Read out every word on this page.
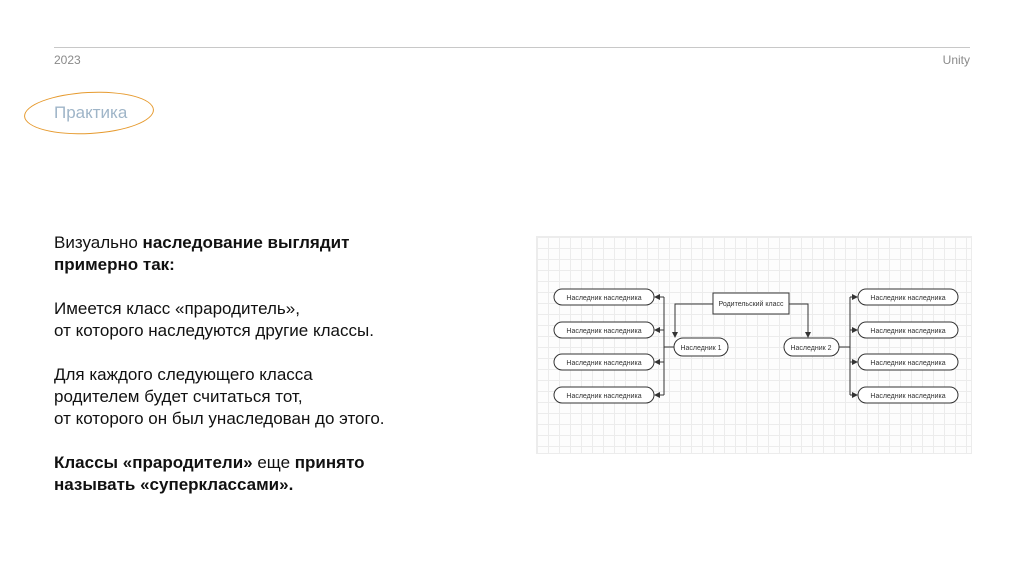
2023	Unity
Практика

Визуально наследование выглядит
примерно так:

Имеется класс «прародитель»,
от которого наследуются другие классы.

Для каждого следующего класса
родителем будет считаться тот,
от которого он был унаследован до этого.

Классы «прародители» еще принято
называть «суперклассами».

Родительский класс
Наследник 1	Наследник 2
Наследник наследника
Наследник наследника
Наследник наследника
Наследник наследника
Наследник наследника
Наследник наследника
Наследник наследника
Наследник наследника
